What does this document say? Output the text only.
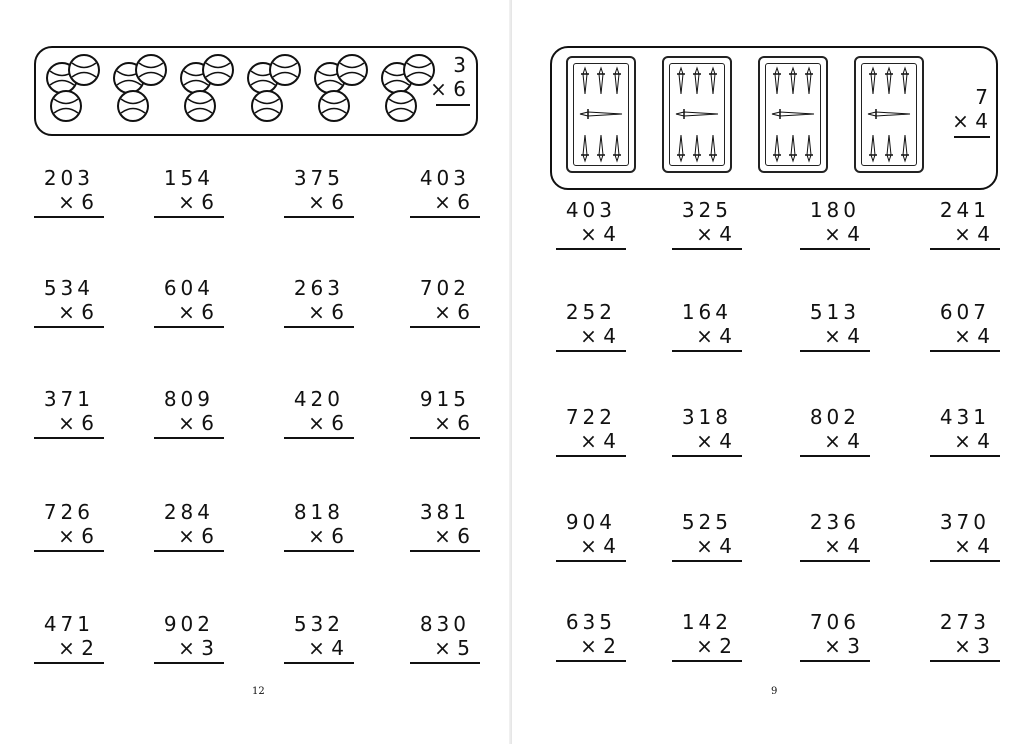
3
× 6
203
× 6
154
× 6
375
× 6
403
× 6
534
× 6
604
× 6
263
× 6
702
× 6
371
× 6
809
× 6
420
× 6
915
× 6
726
× 6
284
× 6
818
× 6
381
× 6
471
× 2
902
× 3
532
× 4
830
× 5
12
7
× 4
403
× 4
325
× 4
180
× 4
241
× 4
252
× 4
164
× 4
513
× 4
607
× 4
722
× 4
318
× 4
802
× 4
431
× 4
904
× 4
525
× 4
236
× 4
370
× 4
635
× 2
142
× 2
706
× 3
273
× 3
9
